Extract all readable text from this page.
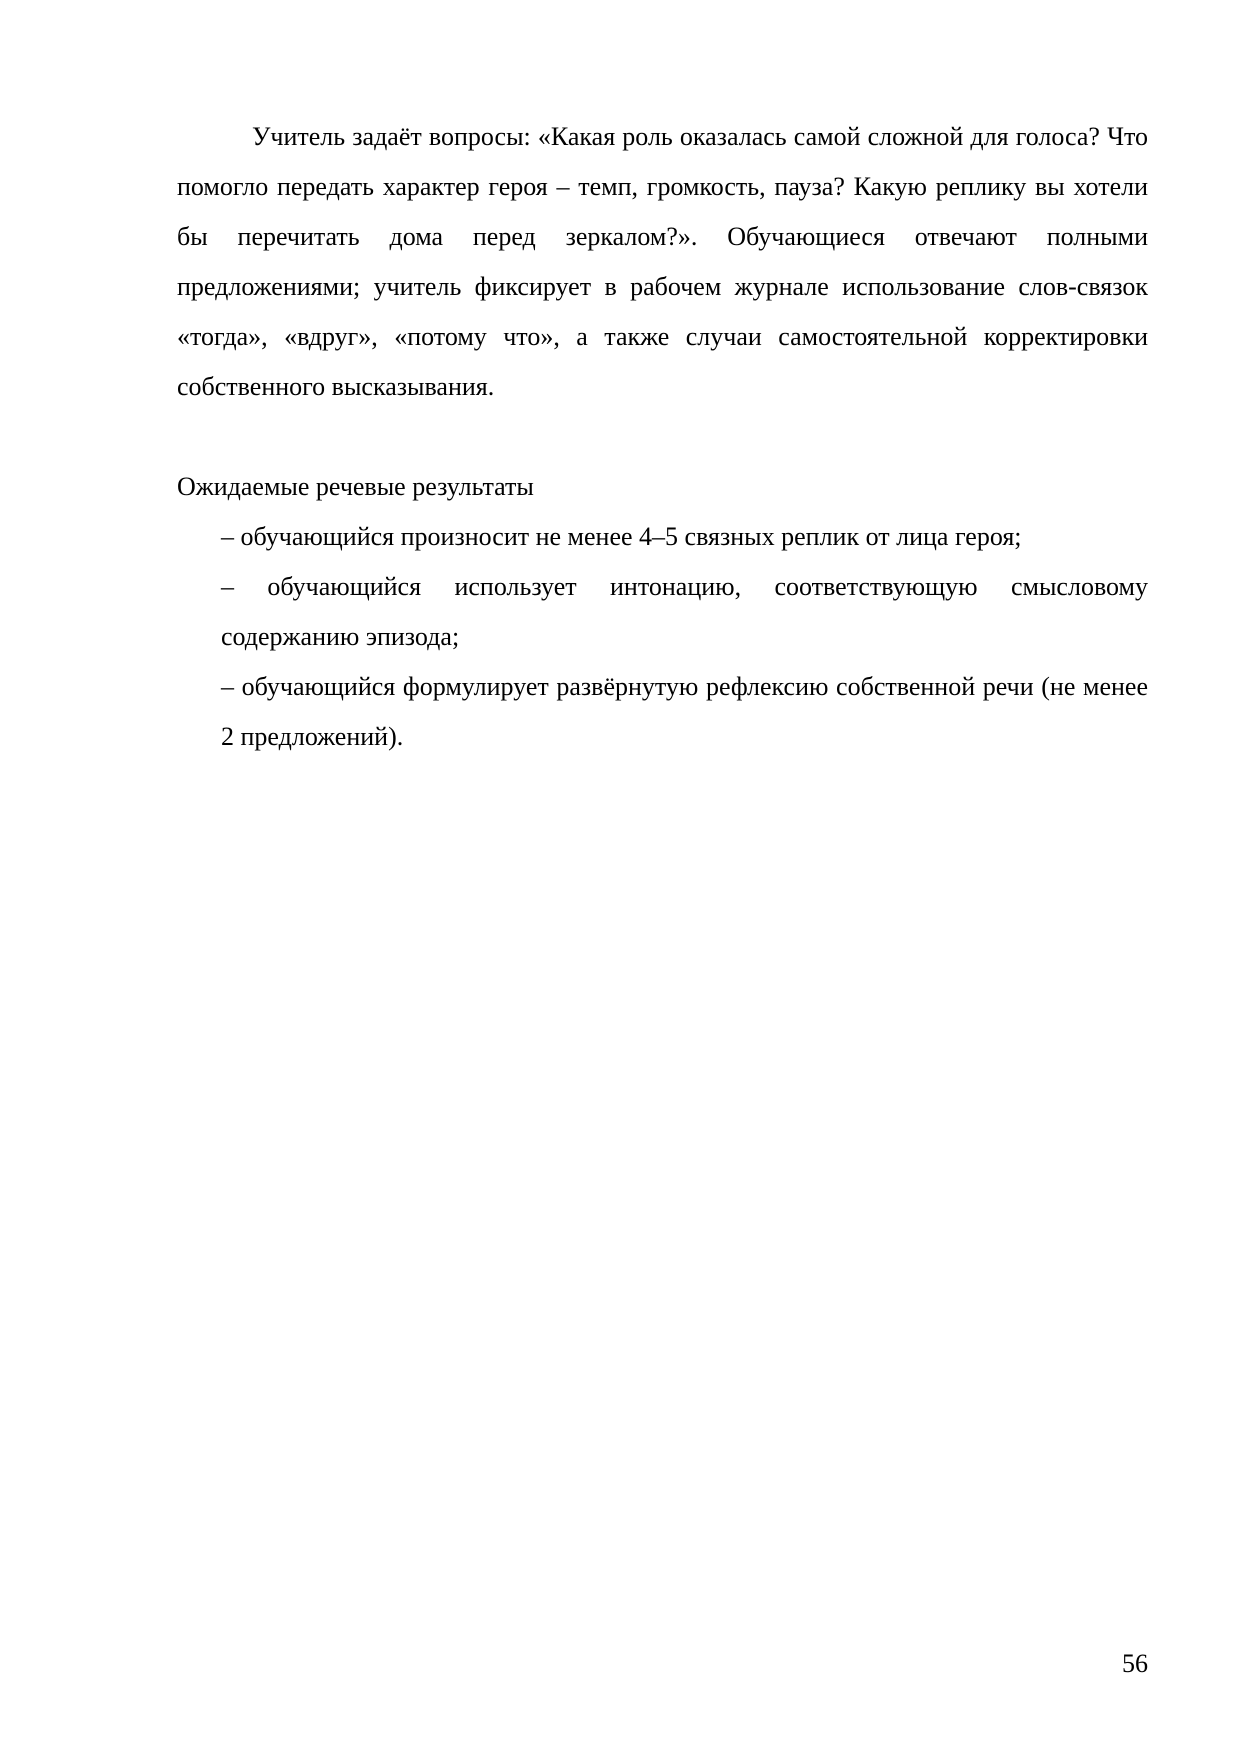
Учитель задаёт вопросы: «Какая роль оказалась самой сложной для голоса? Что помогло передать характер героя – темп, громкость, пауза? Какую реплику вы хотели бы перечитать дома перед зеркалом?». Обучающиеся отвечают полными предложениями; учитель фиксирует в рабочем журнале использование слов-связок «тогда», «вдруг», «потому что», а также случаи самостоятельной корректировки собственного высказывания.

Ожидаемые речевые результаты

– обучающийся произносит не менее 4–5 связных реплик от лица героя;
– обучающийся использует интонацию, соответствующую смысловому содержанию эпизода;
– обучающийся формулирует развёрнутую рефлексию собственной речи (не менее 2 предложений).
56
